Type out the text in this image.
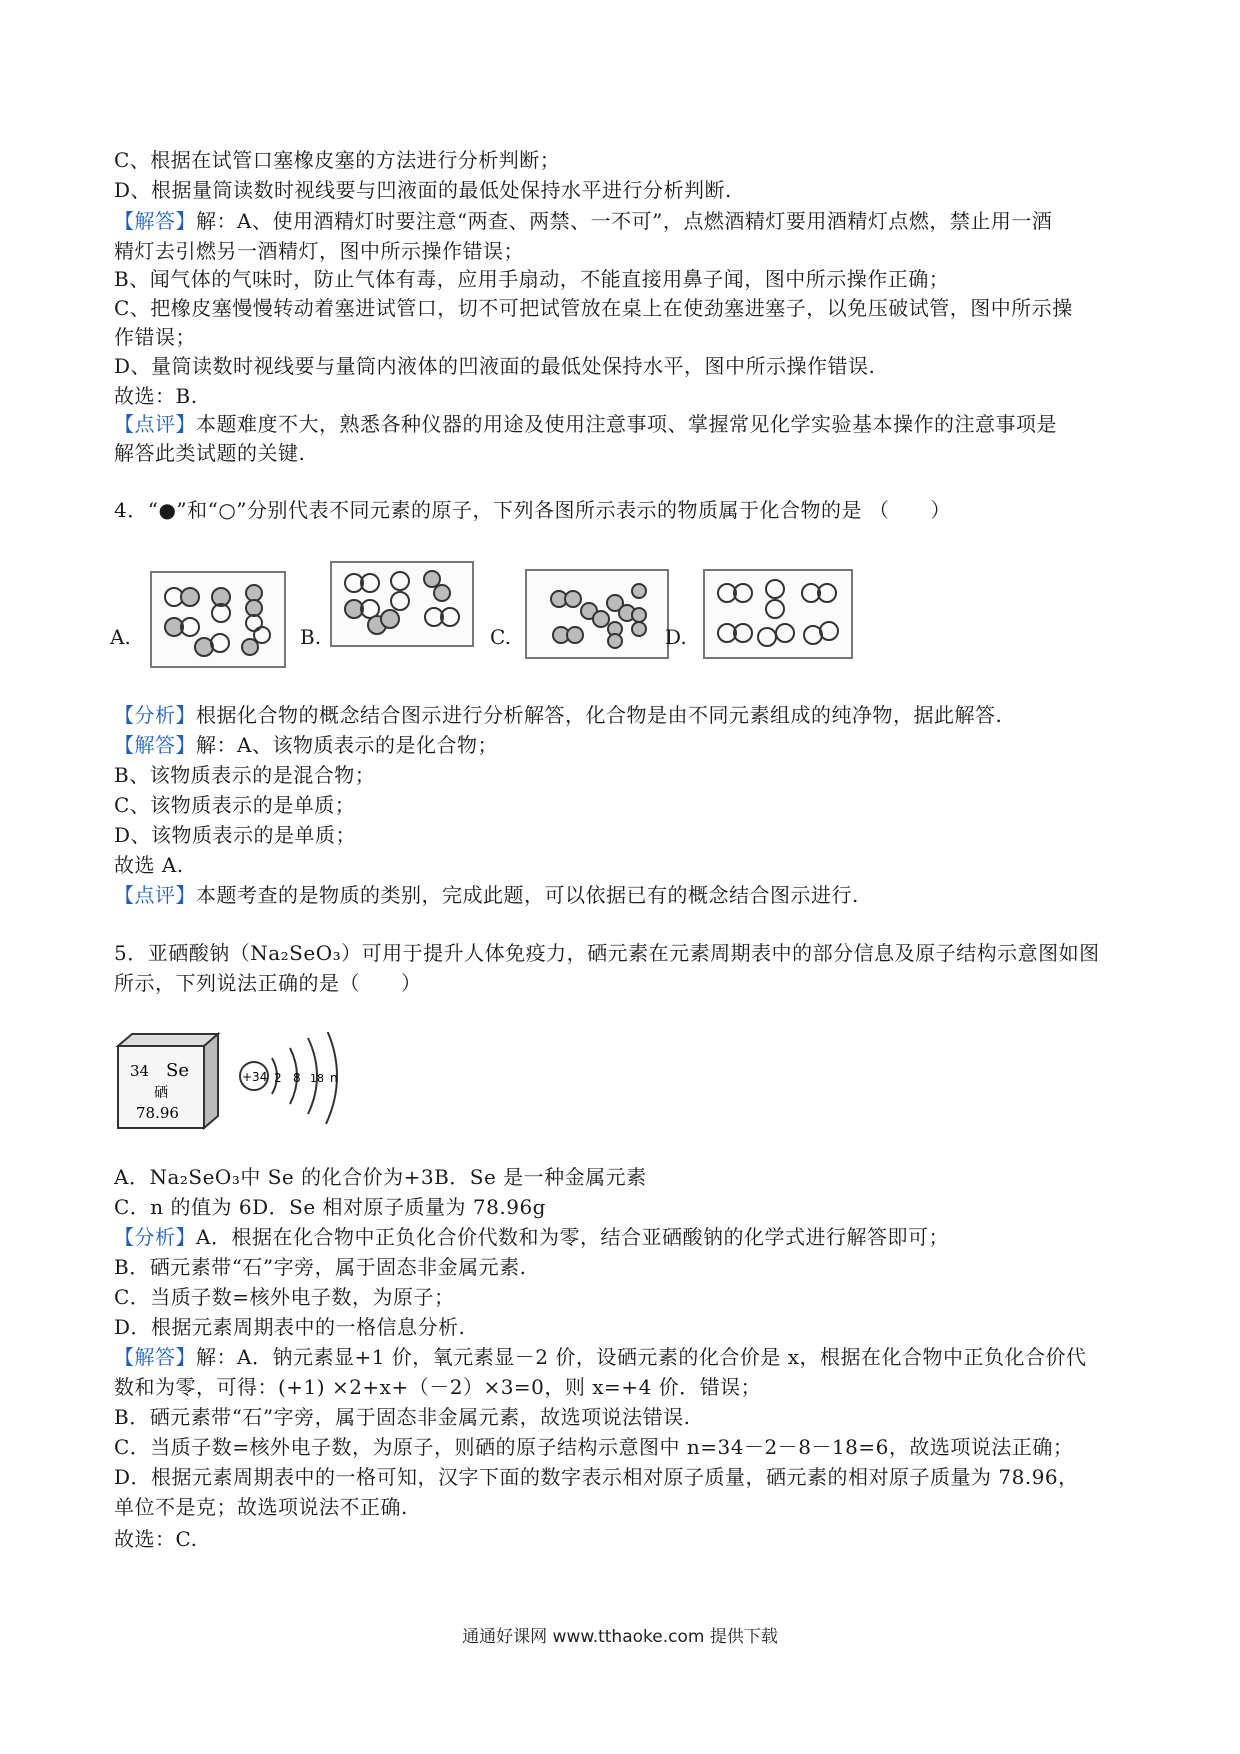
C、根据在试管口塞橡皮塞的方法进行分析判断；
D、根据量筒读数时视线要与凹液面的最低处保持水平进行分析判断.
【解答】解：A、使用酒精灯时要注意“两查、两禁、一不可”，点燃酒精灯要用酒精灯点燃，禁止用一酒
精灯去引燃另一酒精灯，图中所示操作错误；
B、闻气体的气味时，防止气体有毒，应用手扇动，不能直接用鼻子闻，图中所示操作正确；
C、把橡皮塞慢慢转动着塞进试管口，切不可把试管放在桌上在使劲塞进塞子，以免压破试管，图中所示操
作错误；
D、量筒读数时视线要与量筒内液体的凹液面的最低处保持水平，图中所示操作错误.
故选：B.
【点评】本题难度不大，熟悉各种仪器的用途及使用注意事项、掌握常见化学实验基本操作的注意事项是
解答此类试题的关键.
4．“●”和“○”分别代表不同元素的原子，下列各图所示表示的物质属于化合物的是 （　　）
A.	B.	C.	D.
【分析】根据化合物的概念结合图示进行分析解答，化合物是由不同元素组成的纯净物，据此解答.
【解答】解：A、该物质表示的是化合物；
B、该物质表示的是混合物；
C、该物质表示的是单质；
D、该物质表示的是单质；
故选 A.
【点评】本题考查的是物质的类别，完成此题，可以依据已有的概念结合图示进行.
5．亚硒酸钠（Na₂SeO₃）可用于提升人体免疫力，硒元素在元素周期表中的部分信息及原子结构示意图如图
所示，下列说法正确的是（　　）
34 Se
硒
78.96
+34 2 8 18 n
A．Na₂SeO₃中 Se 的化合价为+3B．Se 是一种金属元素
C．n 的值为 6D．Se 相对原子质量为 78.96g
【分析】A．根据在化合物中正负化合价代数和为零，结合亚硒酸钠的化学式进行解答即可；
B．硒元素带“石”字旁，属于固态非金属元素.
C．当质子数=核外电子数，为原子；
D．根据元素周期表中的一格信息分析.
【解答】解：A．钠元素显+1 价，氧元素显－2 价，设硒元素的化合价是 x，根据在化合物中正负化合价代
数和为零，可得：(+1) ×2+x+（－2）×3=0，则 x=+4 价．错误；
B．硒元素带“石”字旁，属于固态非金属元素，故选项说法错误.
C．当质子数=核外电子数，为原子，则硒的原子结构示意图中 n=34－2－8－18=6，故选项说法正确；
D．根据元素周期表中的一格可知，汉字下面的数字表示相对原子质量，硒元素的相对原子质量为 78.96，
单位不是克；故选项说法不正确.
故选：C.
通通好课网 www.tthaoke.com 提供下载
